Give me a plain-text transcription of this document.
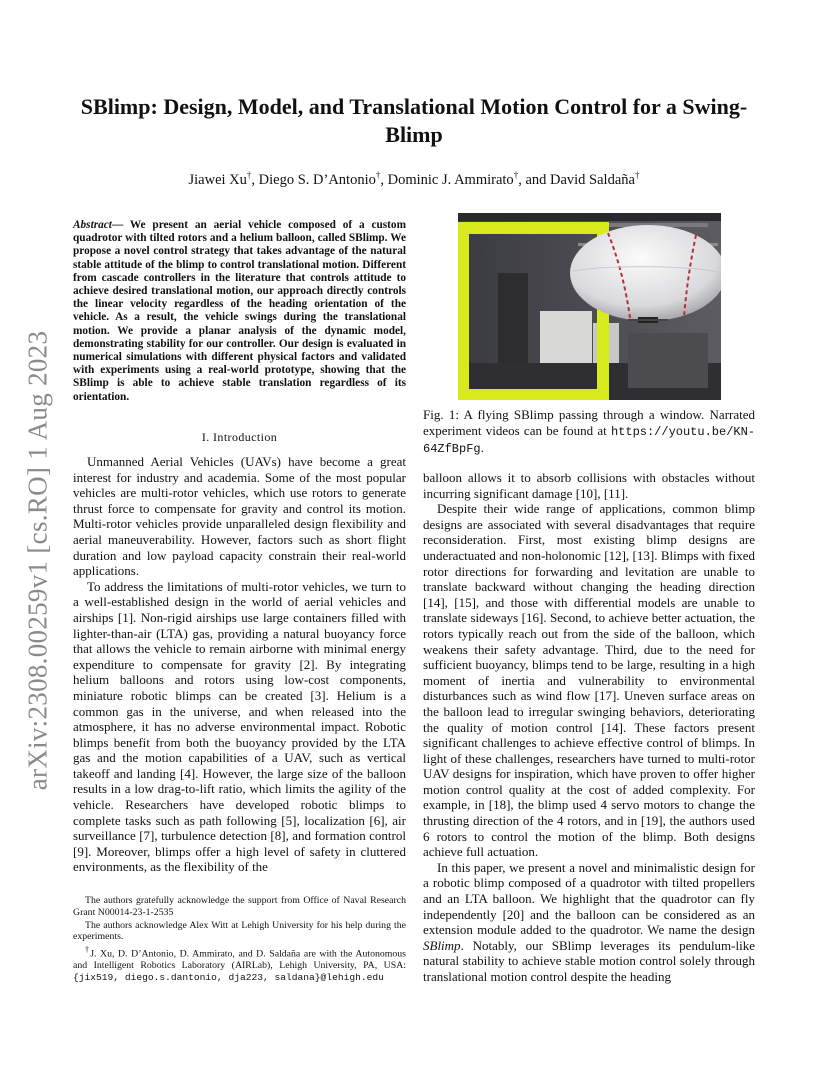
arXiv:2308.00259v1 [cs.RO] 1 Aug 2023
SBlimp: Design, Model, and Translational Motion Control for a Swing-Blimp
Jiawei Xu†, Diego S. D’Antonio†, Dominic J. Ammirato†, and David Saldaña†
Abstract— We present an aerial vehicle composed of a custom quadrotor with tilted rotors and a helium balloon, called SBlimp. We propose a novel control strategy that takes advantage of the natural stable attitude of the blimp to control translational motion. Different from cascade controllers in the literature that controls attitude to achieve desired translational motion, our approach directly controls the linear velocity regardless of the heading orientation of the vehicle. As a result, the vehicle swings during the translational motion. We provide a planar analysis of the dynamic model, demonstrating stability for our controller. Our design is evaluated in numerical simulations with different physical factors and validated with experiments using a real-world prototype, showing that the SBlimp is able to achieve stable translation regardless of its orientation.
I. Introduction

Unmanned Aerial Vehicles (UAVs) have become a great interest for industry and academia. Some of the most popular vehicles are multi-rotor vehicles, which use rotors to generate thrust force to compensate for gravity and control its motion. Multi-rotor vehicles provide unparalleled design flexibility and aerial maneuverability. However, factors such as short flight duration and low payload capacity constrain their real-world applications.

To address the limitations of multi-rotor vehicles, we turn to a well-established design in the world of aerial vehicles and airships [1]. Non-rigid airships use large containers filled with lighter-than-air (LTA) gas, providing a natural buoyancy force that allows the vehicle to remain airborne with minimal energy expenditure to compensate for gravity [2]. By integrating helium balloons and rotors using low-cost components, miniature robotic blimps can be created [3]. Helium is a common gas in the universe, and when released into the atmosphere, it has no adverse environmental impact. Robotic blimps benefit from both the buoyancy provided by the LTA gas and the motion capabilities of a UAV, such as vertical takeoff and landing [4]. However, the large size of the balloon results in a low drag-to-lift ratio, which limits the agility of the vehicle. Researchers have developed robotic blimps to complete tasks such as path following [5], localization [6], air surveillance [7], turbulence detection [8], and formation control [9]. Moreover, blimps offer a high level of safety in cluttered environments, as the flexibility of the

The authors gratefully acknowledge the support from Office of Naval Research Grant N00014-23-1-2535

The authors acknowledge Alex Witt at Lehigh University for his help during the experiments.

†J. Xu, D. D’Antonio, D. Ammirato, and D. Saldaña are with the Autonomous and Intelligent Robotics Laboratory (AIRLab), Lehigh University, PA, USA: {jix519, diego.s.dantonio, dja223, saldana}@lehigh.edu

Fig. 1: A flying SBlimp passing through a window. Narrated experiment videos can be found at https://youtu.be/KN-64ZfBpFg.

balloon allows it to absorb collisions with obstacles without incurring significant damage [10], [11].

Despite their wide range of applications, common blimp designs are associated with several disadvantages that require reconsideration. First, most existing blimp designs are underactuated and non-holonomic [12], [13]. Blimps with fixed rotor directions for forwarding and levitation are unable to translate backward without changing the heading direction [14], [15], and those with differential models are unable to translate sideways [16]. Second, to achieve better actuation, the rotors typically reach out from the side of the balloon, which weakens their safety advantage. Third, due to the need for sufficient buoyancy, blimps tend to be large, resulting in a high moment of inertia and vulnerability to environmental disturbances such as wind flow [17]. Uneven surface areas on the balloon lead to irregular swinging behaviors, deteriorating the quality of motion control [14]. These factors present significant challenges to achieve effective control of blimps. In light of these challenges, researchers have turned to multi-rotor UAV designs for inspiration, which have proven to offer higher motion control quality at the cost of added complexity. For example, in [18], the blimp used 4 servo motors to change the thrusting direction of the 4 rotors, and in [19], the authors used 6 rotors to control the motion of the blimp. Both designs achieve full actuation.

In this paper, we present a novel and minimalistic design for a robotic blimp composed of a quadrotor with tilted propellers and an LTA balloon. We highlight that the quadrotor can fly independently [20] and the balloon can be considered as an extension module added to the quadrotor. We name the design SBlimp. Notably, our SBlimp leverages its pendulum-like natural stability to achieve stable motion control solely through translational motion control despite the heading
